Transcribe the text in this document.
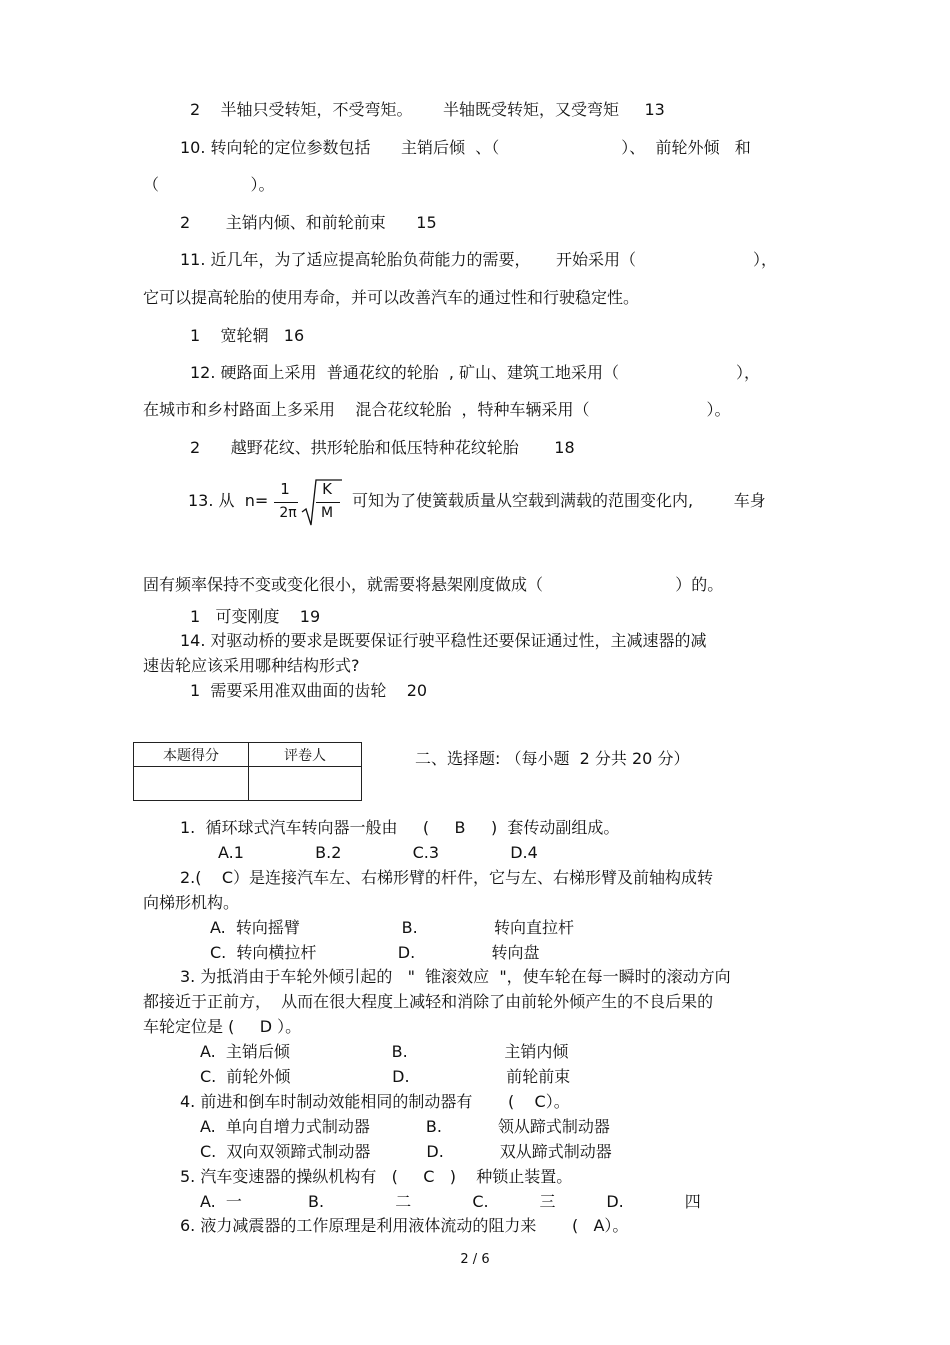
2    半轴只受转矩，不受弯矩。      半轴既受转矩，又受弯矩     13
10. 转向轮的定位参数包括      主销后倾  、（                        ）、  前轮外倾   和
（                  ）。
2       主销内倾、和前轮前束      15
11. 近几年，为了适应提高轮胎负荷能力的需要，     开始采用（                       ），
它可以提高轮胎的使用寿命，并可以改善汽车的通过性和行驶稳定性。
1    宽轮辋   16
12. 硬路面上采用  普通花纹的轮胎  , 矿山、建筑工地采用（                       ），
在城市和乡村路面上多采用    混合花纹轮胎  ，特种车辆采用（                       ）。
2      越野花纹、拱形轮胎和低压特种花纹轮胎       18
13. 从  n=
1
2π
K
M
可知为了使簧载质量从空载到满载的范围变化内,        车身
固有频率保持不变或变化很小，就需要将悬架刚度做成（                          ）的。
1   可变刚度    19
14. 对驱动桥的要求是既要保证行驶平稳性还要保证通过性，主减速器的减
速齿轮应该采用哪种结构形式?
1  需要采用准双曲面的齿轮    20
本题得分	评卷人
		二、选择题: （每小题  2 分共 20 分）
1.  循环球式汽车转向器一般由     (     B     )  套传动副组成。
A.1              B.2              C.3              D.4
2.(    C）是连接汽车左、右梯形臂的杆件，它与左、右梯形臂及前轴构成转
向梯形机构。
A.  转向摇臂                    B.               转向直拉杆
C.  转向横拉杆                D.               转向盘
3. 为抵消由于车轮外倾引起的   "  锥滚效应  "，使车轮在每一瞬时的滚动方向
都接近于正前方，  从而在很大程度上减轻和消除了由前轮外倾产生的不良后果的
车轮定位是 (     D ）。
A.  主销后倾                    B.                   主销内倾
C.  前轮外倾                    D.                   前轮前束
4. 前进和倒车时制动效能相同的制动器有       (    C）。
A.  单向自增力式制动器           B.           领从蹄式制动器
C.  双向双领蹄式制动器           D.           双从蹄式制动器
5. 汽车变速器的操纵机构有   (     C   )    种锁止装置。
A.  一             B.              二            C.          三          D.            四
6. 液力减震器的工作原理是利用液体流动的阻力来       (   A）。
2 / 6
